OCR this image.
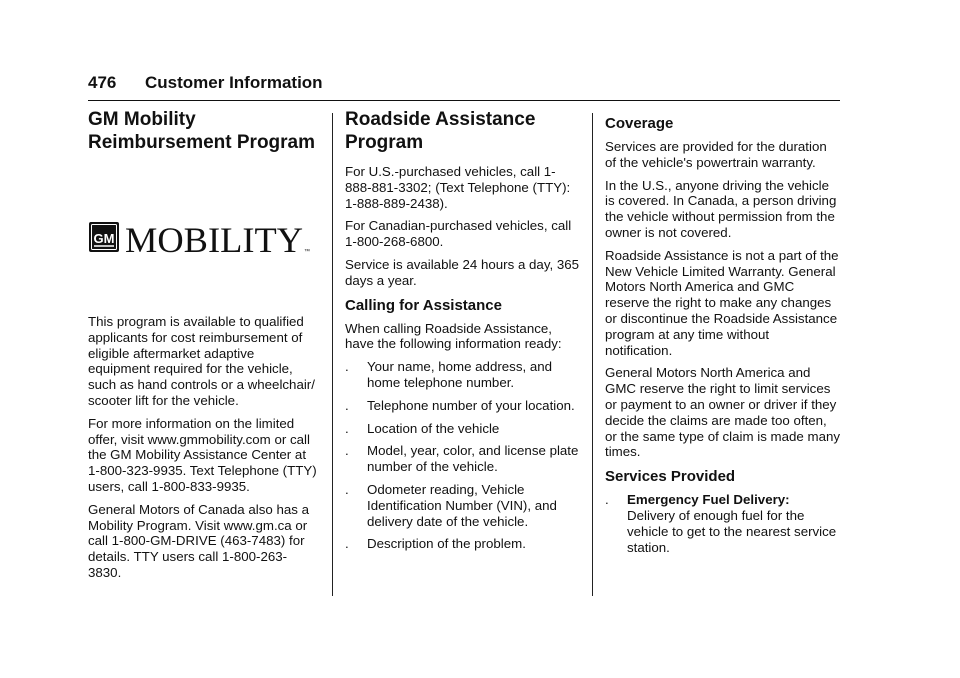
476 Customer Information
GM Mobility Reimbursement Program
GM MOBILITY ™

This program is available to qualified applicants for cost reimbursement of eligible aftermarket adaptive equipment required for the vehicle, such as hand controls or a wheelchair/ scooter lift for the vehicle.

For more information on the limited offer, visit www.gmmobility.com or call the GM Mobility Assistance Center at 1-800-323-9935. Text Telephone (TTY) users, call 1-800-833-9935.

General Motors of Canada also has a Mobility Program. Visit www.gm.ca or call 1-800-GM-DRIVE (463-7483) for details. TTY users call 1-800-263-3830.

Roadside Assistance Program

For U.S.-purchased vehicles, call 1-888-881-3302; (Text Telephone (TTY): 1-888-889-2438).

For Canadian-purchased vehicles, call 1-800-268-6800.

Service is available 24 hours a day, 365 days a year.

Calling for Assistance

When calling Roadside Assistance, have the following information ready:

. Your name, home address, and home telephone number.
. Telephone number of your location.
. Location of the vehicle
. Model, year, color, and license plate number of the vehicle.
. Odometer reading, Vehicle Identification Number (VIN), and delivery date of the vehicle.
. Description of the problem.
Coverage

Services are provided for the duration of the vehicle's powertrain warranty.

In the U.S., anyone driving the vehicle is covered. In Canada, a person driving the vehicle without permission from the owner is not covered.

Roadside Assistance is not a part of the New Vehicle Limited Warranty. General Motors North America and GMC reserve the right to make any changes or discontinue the Roadside Assistance program at any time without notification.

General Motors North America and GMC reserve the right to limit services or payment to an owner or driver if they decide the claims are made too often, or the same type of claim is made many times.

Services Provided
. Emergency Fuel Delivery:
Delivery of enough fuel for the vehicle to get to the nearest service station.
